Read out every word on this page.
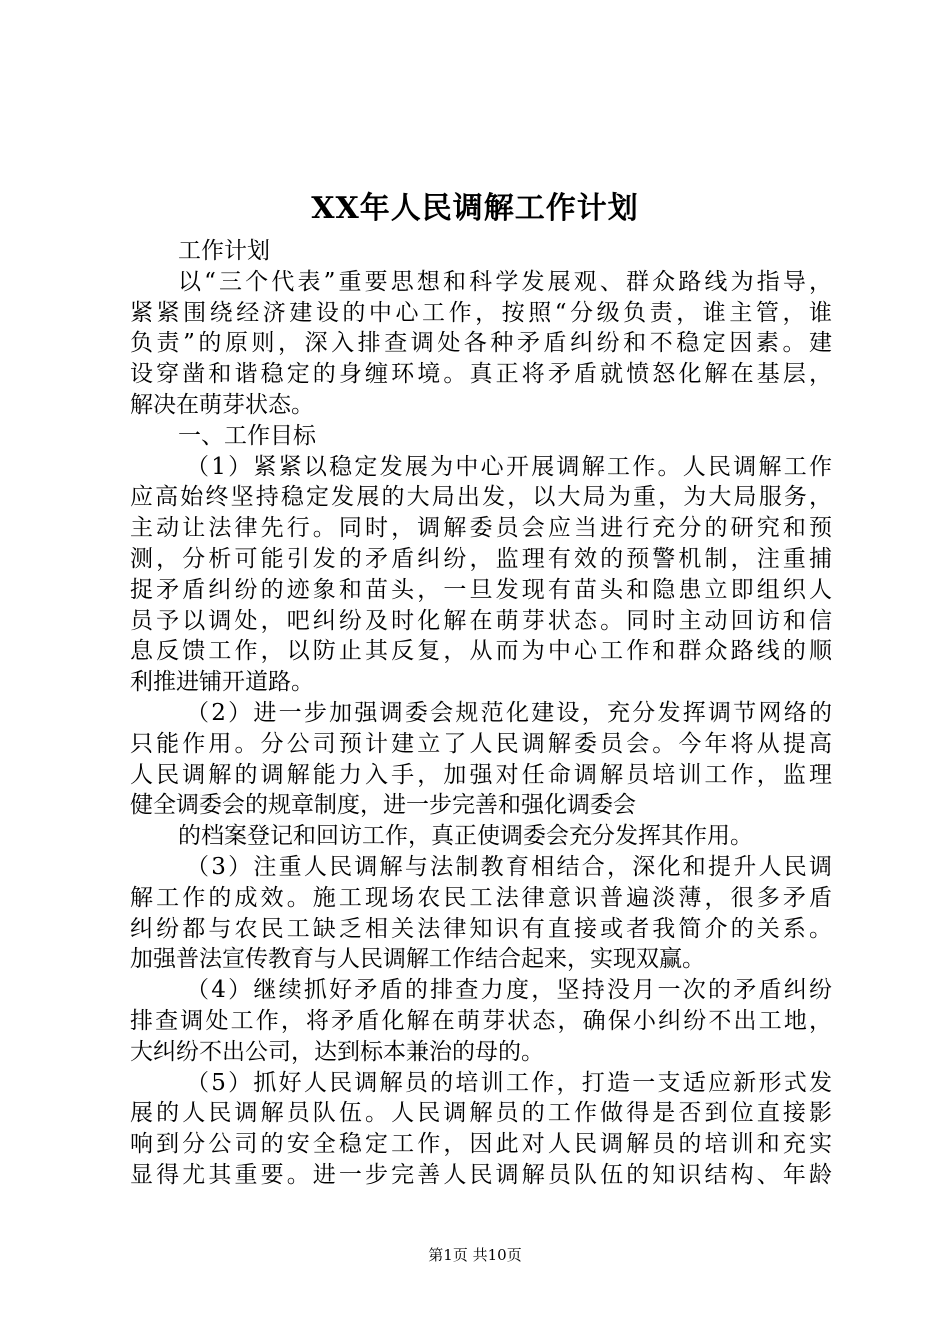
XX年人民调解工作计划
工作计划
以“三个代表”重要思想和科学发展观、群众路线为指导，
紧紧围绕经济建设的中心工作，按照“分级负责，谁主管，谁
负责”的原则，深入排查调处各种矛盾纠纷和不稳定因素。建
设穿凿和谐稳定的身缠环境。真正将矛盾就愤怒化解在基层，
解决在萌芽状态。
一、工作目标
（1）紧紧以稳定发展为中心开展调解工作。人民调解工作
应高始终坚持稳定发展的大局出发，以大局为重，为大局服务，
主动让法律先行。同时，调解委员会应当进行充分的研究和预
测，分析可能引发的矛盾纠纷，监理有效的预警机制，注重捕
捉矛盾纠纷的迹象和苗头，一旦发现有苗头和隐患立即组织人
员予以调处，吧纠纷及时化解在萌芽状态。同时主动回访和信
息反馈工作，以防止其反复，从而为中心工作和群众路线的顺
利推进铺开道路。
（2）进一步加强调委会规范化建设，充分发挥调节网络的
只能作用。分公司预计建立了人民调解委员会。今年将从提高
人民调解的调解能力入手，加强对任命调解员培训工作，监理
健全调委会的规章制度，进一步完善和强化调委会
的档案登记和回访工作，真正使调委会充分发挥其作用。
（3）注重人民调解与法制教育相结合，深化和提升人民调
解工作的成效。施工现场农民工法律意识普遍淡薄，很多矛盾
纠纷都与农民工缺乏相关法律知识有直接或者我简介的关系。
加强普法宣传教育与人民调解工作结合起来，实现双赢。
（4）继续抓好矛盾的排查力度，坚持没月一次的矛盾纠纷
排查调处工作，将矛盾化解在萌芽状态，确保小纠纷不出工地，
大纠纷不出公司，达到标本兼治的母的。
（5）抓好人民调解员的培训工作，打造一支适应新形式发
展的人民调解员队伍。人民调解员的工作做得是否到位直接影
响到分公司的安全稳定工作，因此对人民调解员的培训和充实
显得尤其重要。进一步完善人民调解员队伍的知识结构、年龄
第1页 共10页
